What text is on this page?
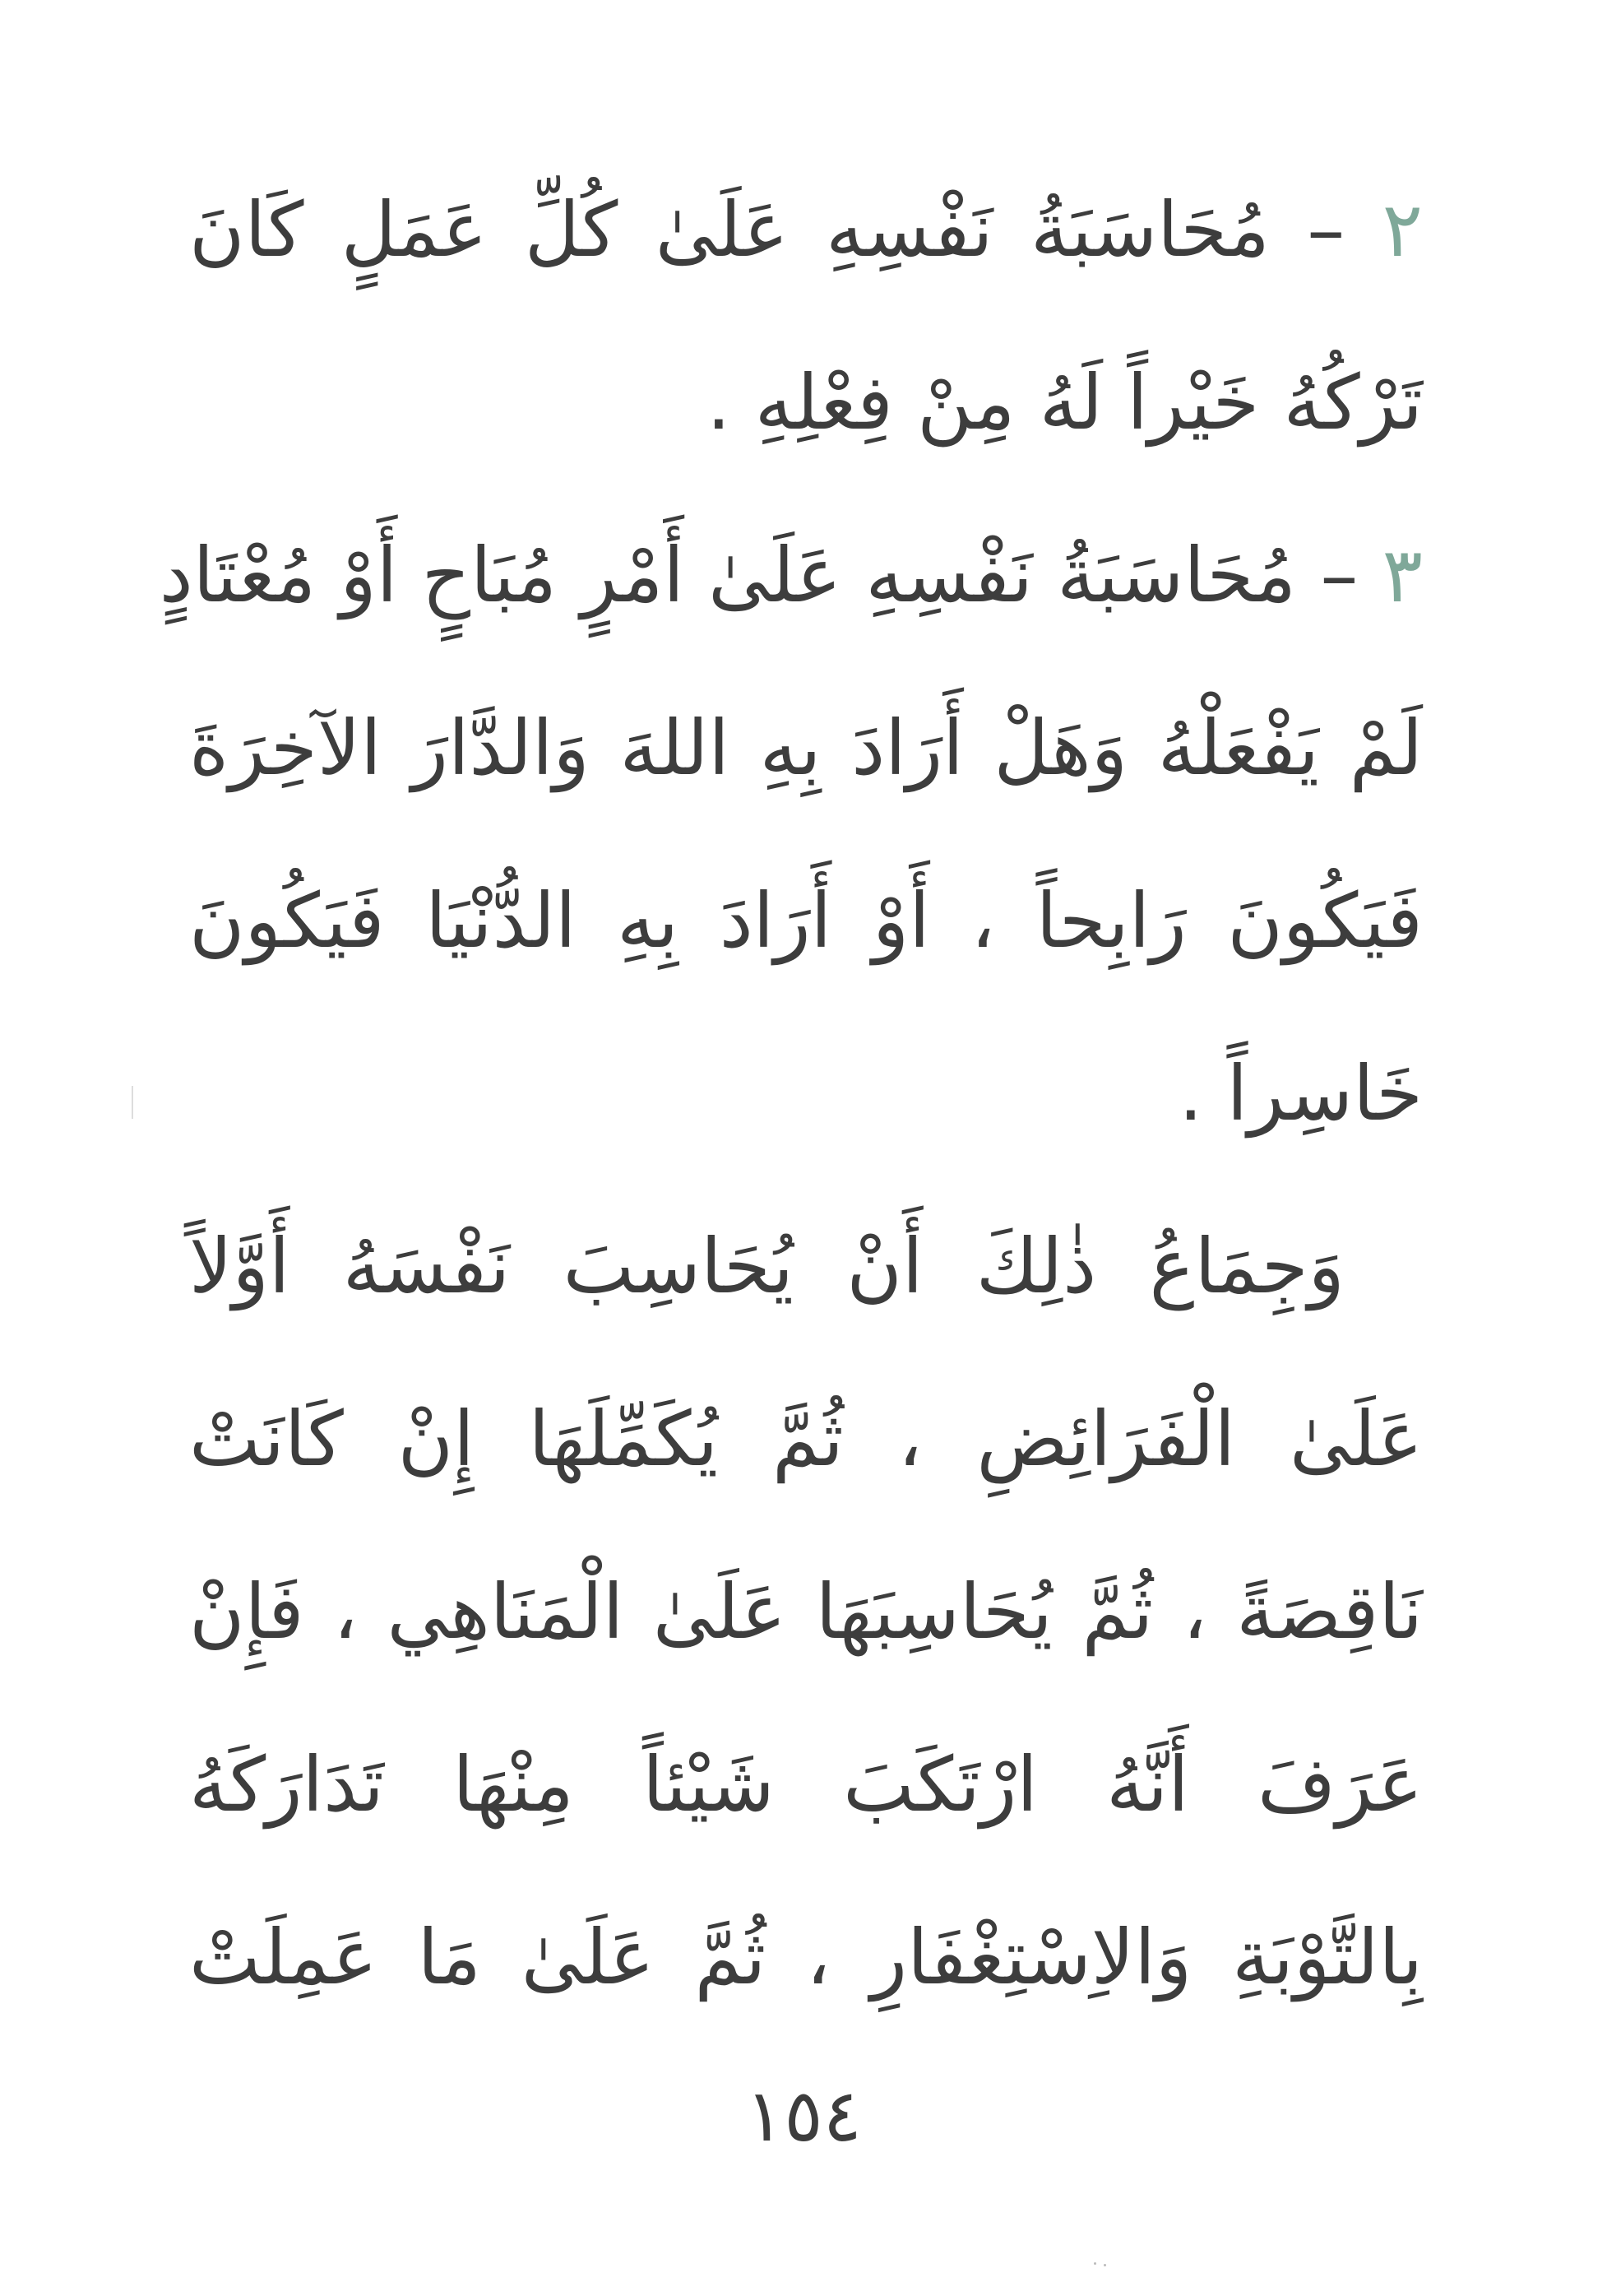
٢ – مُحَاسَبَةُ نَفْسِهِ عَلَىٰ كُلِّ عَمَلٍ كَانَ
تَرْكُهُ خَيْراً لَهُ مِنْ فِعْلِهِ .
٣ – مُحَاسَبَةُ نَفْسِهِ عَلَىٰ أَمْرٍ مُبَاحٍ أَوْ مُعْتَادٍ
لَمْ يَفْعَلْهُ وَهَلْ أَرَادَ بِهِ اللهَ وَالدَّارَ الآخِرَةَ
فَيَكُونَ رَابِحاً ، أَوْ أَرَادَ بِهِ الدُّنْيَا فَيَكُونَ
خَاسِراً .
وَجِمَاعُ ذٰلِكَ أَنْ يُحَاسِبَ نَفْسَهُ أَوَّلاً
عَلَىٰ الْفَرَائِضِ ، ثُمَّ يُكَمِّلَهَا إِنْ كَانَتْ
نَاقِصَةً ، ثُمَّ يُحَاسِبَهَا عَلَىٰ الْمَنَاهِي ، فَإِنْ
عَرَفَ أَنَّهُ ارْتَكَبَ شَيْئاً مِنْهَا تَدَارَكَهُ
بِالتَّوْبَةِ وَالاِسْتِغْفَارِ ، ثُمَّ عَلَىٰ مَا عَمِلَتْ
١٥٤
